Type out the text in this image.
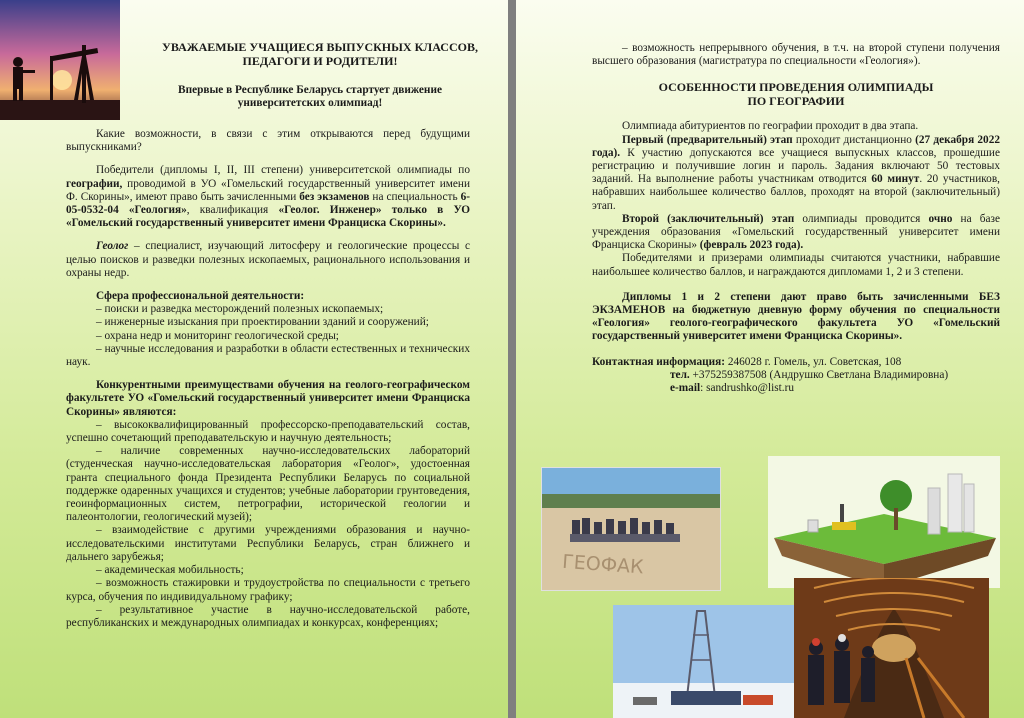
УВАЖАЕМЫЕ УЧАЩИЕСЯ ВЫПУСКНЫХ КЛАССОВ,
ПЕДАГОГИ И РОДИТЕЛИ!
Впервые в Республике Беларусь стартует движение
университетских олимпиад!

Какие возможности, в связи с этим открываются перед будущими выпускниками?

Победители (дипломы I, II, III степени) университетской олимпиады по географии, проводимой в УО «Гомельский государственный университет имени Ф. Скорины», имеют право быть зачисленными без экзаменов на специальность 6-05-0532-04 «Геология», квалификация «Геолог. Инженер» только в УО «Гомельский государственный университет имени Франциска Скорины».

Геолог – специалист, изучающий литосферу и геологические процессы с целью поисков и разведки полезных ископаемых, рационального использования и охраны недр.

Сфера профессиональной деятельности:

– поиски и разведка месторождений полезных ископаемых;

– инженерные изыскания при проектировании зданий и сооружений;

– охрана недр и мониторинг геологической среды;

– научные исследования и разработки в области естественных и технических наук.

Конкурентными преимуществами обучения на геолого-географическом факультете УО «Гомельский государственный университет имени Франциска Скорины» являются:

– высококвалифицированный профессорско-преподавательский состав, успешно сочетающий преподавательскую и научную деятельность;

– наличие современных научно-исследовательских лабораторий (студенческая научно-исследовательская лаборатория «Геолог», удостоенная гранта специального фонда Президента Республики Беларусь по социальной поддержке одаренных учащихся и студентов; учебные лаборатории грунтоведения, геоинформационных систем, петрографии, исторической геологии и палеонтологии, геологический музей);

– взаимодействие с другими учреждениями образования и научно-исследовательскими институтами Республики Беларусь, стран ближнего и дальнего зарубежья;

– академическая мобильность;

– возможность стажировки и трудоустройства по специальности с третьего курса, обучения по индивидуальному графику;

– результативное участие в научно-исследовательской работе, республиканских и международных олимпиадах и конкурсах, конференциях;

– возможность непрерывного обучения, в т.ч. на второй ступени получения высшего образования (магистратура по специальности «Геология»).

ОСОБЕННОСТИ ПРОВЕДЕНИЯ ОЛИМПИАДЫ
ПО ГЕОГРАФИИ

Олимпиада абитуриентов по географии проходит в два этапа.

Первый (предварительный) этап проходит дистанционно (27 декабря 2022 года). К участию допускаются все учащиеся выпускных классов, прошедшие регистрацию и получившие логин и пароль. Задания включают 50 тестовых заданий. На выполнение работы участникам отводится 60 минут. 20 участников, набравших наибольшее количество баллов, проходят на второй (заключительный) этап.

Второй (заключительный) этап олимпиады проводится очно на базе учреждения образования «Гомельский государственный университет имени Франциска Скорины» (февраль 2023 года).

Победителями и призерами олимпиады считаются участники, набравшие наибольшее количество баллов, и награждаются дипломами 1, 2 и 3 степени.

Дипломы 1 и 2 степени дают право быть зачисленными БЕЗ ЭКЗАМЕНОВ на бюджетную дневную форму обучения по специальности «Геология» геолого-географического факультета УО «Гомельский государственный университет имени Франциска Скорины».

Контактная информация: 246028 г. Гомель, ул. Советская, 108

тел. +375259387508 (Андрушко Светлана Владимировна)

e-mail: sandrushko@list.ru

ГЕОФАК
